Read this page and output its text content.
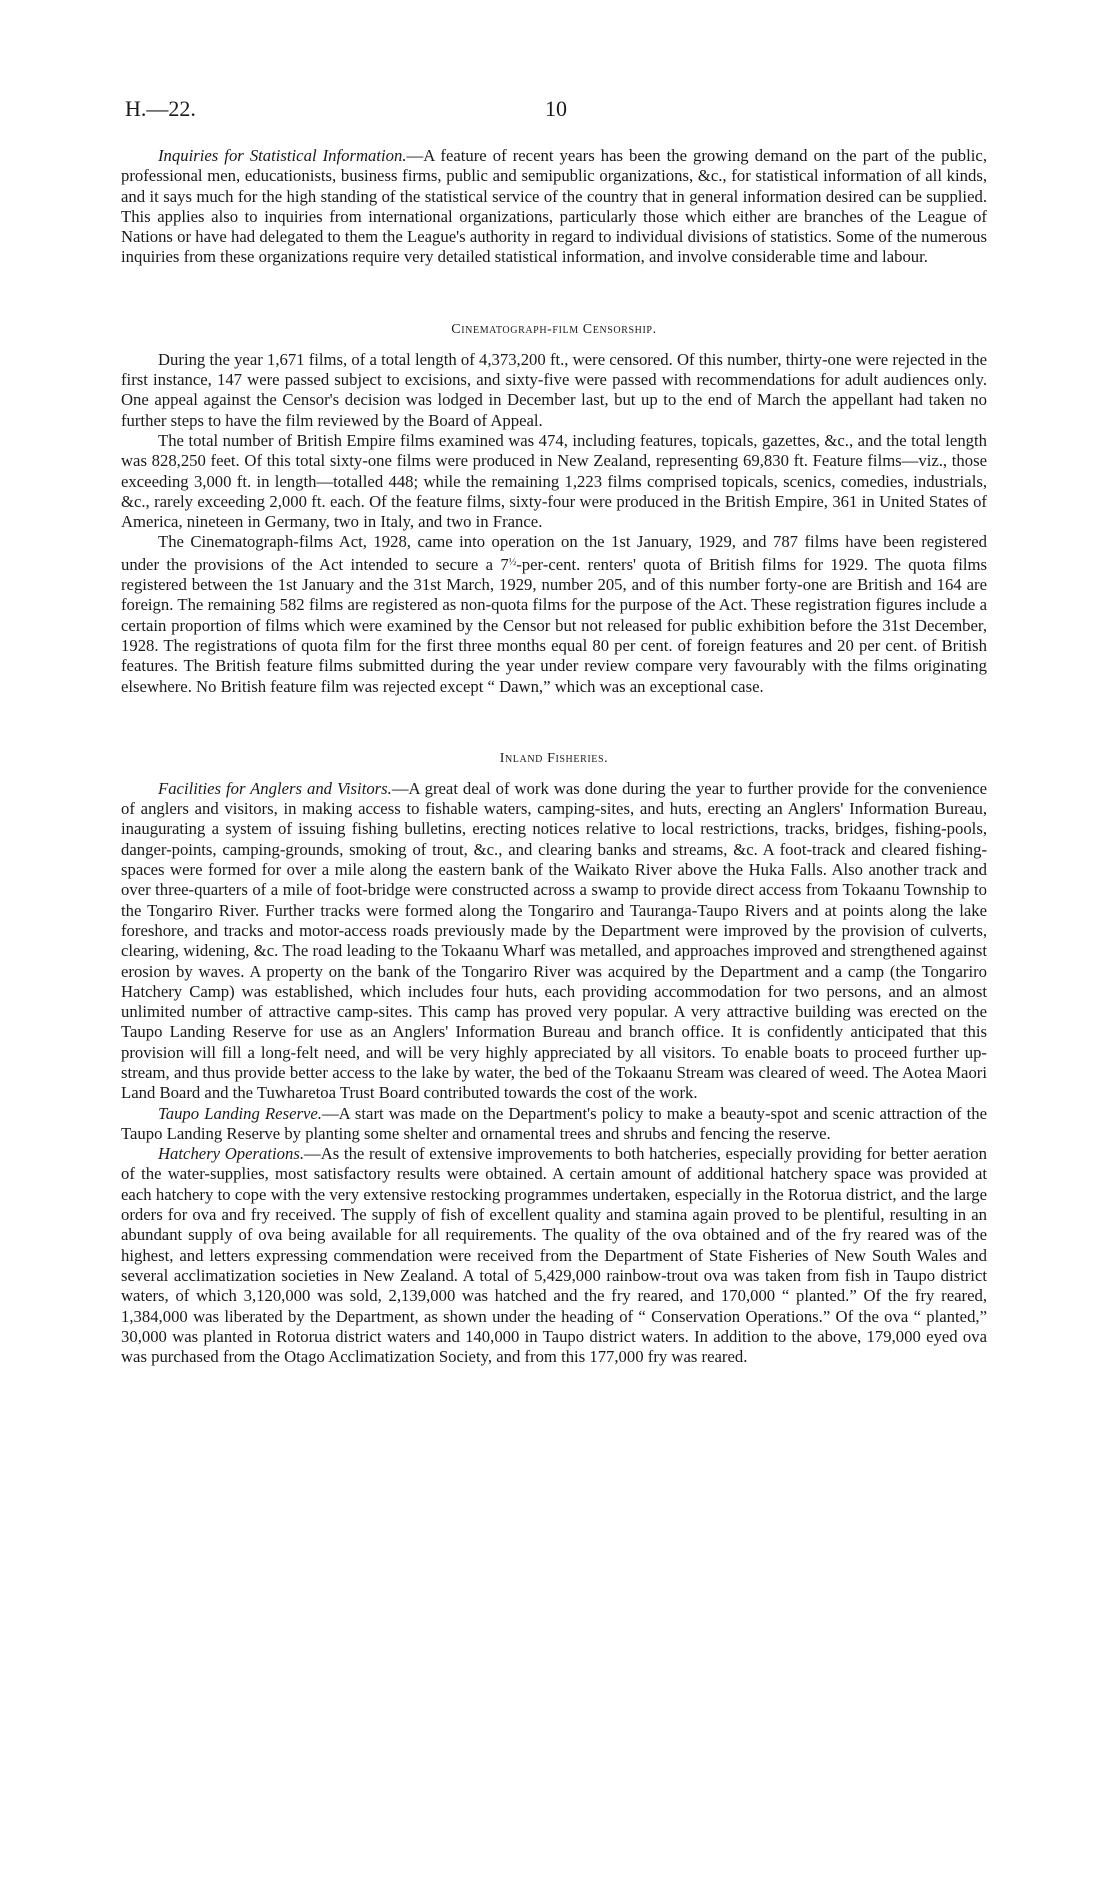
H.—22.	10

Inquiries for Statistical Information.—A feature of recent years has been the growing demand on the part of the public, professional men, educationists, business firms, public and semipublic organizations, &c., for statistical information of all kinds, and it says much for the high standing of the statistical service of the country that in general information desired can be supplied. This applies also to inquiries from international organizations, particularly those which either are branches of the League of Nations or have had delegated to them the League's authority in regard to individual divisions of statistics. Some of the numerous inquiries from these organizations require very detailed statistical information, and involve considerable time and labour.

Cinematograph-film Censorship.

During the year 1,671 films, of a total length of 4,373,200 ft., were censored. Of this number, thirty-one were rejected in the first instance, 147 were passed subject to excisions, and sixty-five were passed with recommendations for adult audiences only. One appeal against the Censor's decision was lodged in December last, but up to the end of March the appellant had taken no further steps to have the film reviewed by the Board of Appeal.

The total number of British Empire films examined was 474, including features, topicals, gazettes, &c., and the total length was 828,250 feet. Of this total sixty-one films were produced in New Zealand, representing 69,830 ft. Feature films—viz., those exceeding 3,000 ft. in length—totalled 448; while the remaining 1,223 films comprised topicals, scenics, comedies, industrials, &c., rarely exceeding 2,000 ft. each. Of the feature films, sixty-four were produced in the British Empire, 361 in United States of America, nineteen in Germany, two in Italy, and two in France.

The Cinematograph-films Act, 1928, came into operation on the 1st January, 1929, and 787 films have been registered under the provisions of the Act intended to secure a $7^{\frac{1}{2}}-per$-cent. renters' quota of British films for 1929. The quota films registered between the 1st January and the 31st March, 1929, number 205, and of this number forty-one are British and 164 are foreign. The remaining 582 films are registered as non-quota films for the purpose of the Act. These registration figures include a certain proportion of films which were examined by the Censor but not released for public exhibition before the 31st December, 1928. The registrations of quota film for the first three months equal 80 per cent. of foreign features and 20 per cent. of British features. The British feature films submitted during the year under review compare very favourably with the films originating elsewhere. No British feature film was rejected except “ Dawn,” which was an exceptional case.

Inland Fisheries.

Facilities for Anglers and Visitors.—A great deal of work was done during the year to further provide for the convenience of anglers and visitors, in making access to fishable waters, camping-sites, and huts, erecting an Anglers' Information Bureau, inaugurating a system of issuing fishing bulletins, erecting notices relative to local restrictions, tracks, bridges, fishing-pools, danger-points, camping-grounds, smoking of trout, &c., and clearing banks and streams, &c. A foot-track and cleared fishing-spaces were formed for over a mile along the eastern bank of the Waikato River above the Huka Falls. Also another track and over three-quarters of a mile of foot-bridge were constructed across a swamp to provide direct access from Tokaanu Township to the Tongariro River. Further tracks were formed along the Tongariro and Tauranga-Taupo Rivers and at points along the lake foreshore, and tracks and motor-access roads previously made by the Department were improved by the provision of culverts, clearing, widening, &c. The road leading to the Tokaanu Wharf was metalled, and approaches improved and strengthened against erosion by waves. A property on the bank of the Tongariro River was acquired by the Department and a camp (the Tongariro Hatchery Camp) was established, which includes four huts, each providing accommodation for two persons, and an almost unlimited number of attractive camp-sites. This camp has proved very popular. A very attractive building was erected on the Taupo Landing Reserve for use as an Anglers' Information Bureau and branch office. It is confidently anticipated that this provision will fill a long-felt need, and will be very highly appreciated by all visitors. To enable boats to proceed further up-stream, and thus provide better access to the lake by water, the bed of the Tokaanu Stream was cleared of weed. The Aotea Maori Land Board and the Tuwharetoa Trust Board contributed towards the cost of the work.

Taupo Landing Reserve.—A start was made on the Department's policy to make a beauty-spot and scenic attraction of the Taupo Landing Reserve by planting some shelter and ornamental trees and shrubs and fencing the reserve.

Hatchery Operations.—As the result of extensive improvements to both hatcheries, especially providing for better aeration of the water-supplies, most satisfactory results were obtained. A certain amount of additional hatchery space was provided at each hatchery to cope with the very extensive restocking programmes undertaken, especially in the Rotorua district, and the large orders for ova and fry received. The supply of fish of excellent quality and stamina again proved to be plentiful, resulting in an abundant supply of ova being available for all requirements. The quality of the ova obtained and of the fry reared was of the highest, and letters expressing commendation were received from the Department of State Fisheries of New South Wales and several acclimatization societies in New Zealand. A total of 5,429,000 rainbow-trout ova was taken from fish in Taupo district waters, of which 3,120,000 was sold, 2,139,000 was hatched and the fry reared, and 170,000 “ planted.” Of the fry reared, 1,384,000 was liberated by the Department, as shown under the heading of “ Conservation Operations.” Of the ova “ planted,” 30,000 was planted in Rotorua district waters and 140,000 in Taupo district waters. In addition to the above, 179,000 eyed ova was purchased from the Otago Acclimatization Society, and from this 177,000 fry was reared.
